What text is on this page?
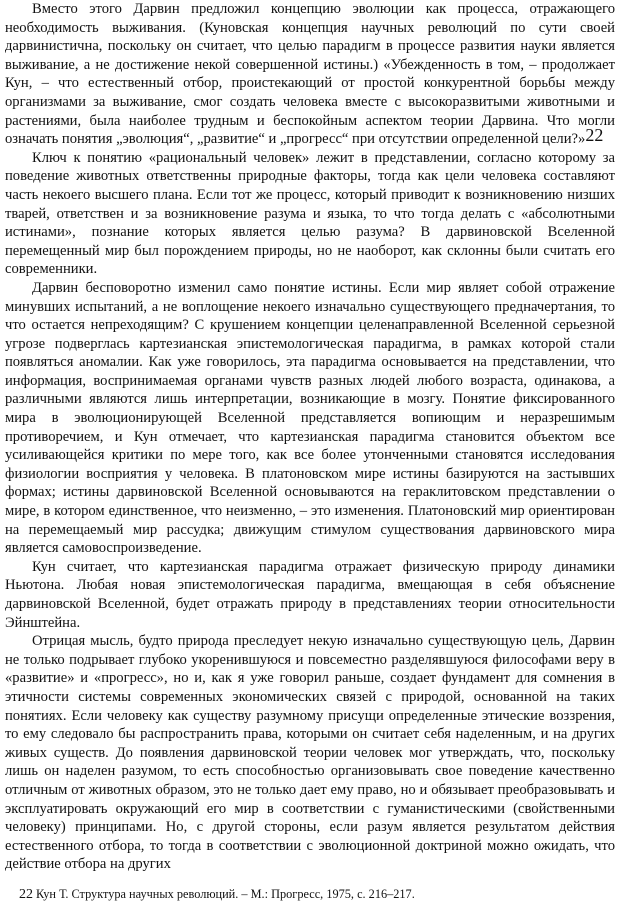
Вместо этого Дарвин предложил концепцию эволюции как процесса, отражающего необходимость выживания. (Куновская концепция научных революций по сути своей дарвинистична, поскольку он считает, что целью парадигм в процессе развития науки является выживание, а не достижение некой совершенной истины.) «Убежденность в том, – продолжает Кун, – что естественный отбор, проистекающий от простой конкурентной борьбы между организмами за выживание, смог создать человека вместе с высокоразвитыми животными и растениями, была наиболее трудным и беспокойным аспектом теории Дарвина. Что могли означать понятия „эволюция“, „развитие“ и „прогресс“ при отсутствии определенной цели?»22

Ключ к понятию «рациональный человек» лежит в представлении, согласно которому за поведение животных ответственны природные факторы, тогда как цели человека составляют часть некоего высшего плана. Если тот же процесс, который приводит к возникновению низших тварей, ответствен и за возникновение разума и языка, то что тогда делать с «абсолютными истинами», познание которых является целью разума? В дарвиновской Вселенной перемещенный мир был порождением природы, но не наоборот, как склонны были считать его современники.

Дарвин бесповоротно изменил само понятие истины. Если мир являет собой отражение минувших испытаний, а не воплощение некоего изначально существующего предначертания, то что остается непреходящим? С крушением концепции целенаправленной Вселенной серьезной угрозе подверглась картезианская эпистемологическая парадигма, в рамках которой стали появляться аномалии. Как уже говорилось, эта парадигма основывается на представлении, что информация, воспринимаемая органами чувств разных людей любого возраста, одинакова, а различными являются лишь интерпретации, возникающие в мозгу. Понятие фиксированного мира в эволюционирующей Вселенной представляется вопиющим и неразрешимым противоречием, и Кун отмечает, что картезианская парадигма становится объектом все усиливающейся критики по мере того, как все более утонченными становятся исследования физиологии восприятия у человека. В платоновском мире истины базируются на застывших формах; истины дарвиновской Вселенной основываются на гераклитовском представлении о мире, в котором единственное, что неизменно, – это изменения. Платоновский мир ориентирован на перемещаемый мир рассудка; движущим стимулом существования дарвиновского мира является самовоспроизведение.

Кун считает, что картезианская парадигма отражает физическую природу динамики Ньютона. Любая новая эпистемологическая парадигма, вмещающая в себя объяснение дарвиновской Вселенной, будет отражать природу в представлениях теории относительности Эйнштейна.

Отрицая мысль, будто природа преследует некую изначально существующую цель, Дарвин не только подрывает глубоко укоренившуюся и повсеместно разделявшуюся философами веру в «развитие» и «прогресс», но и, как я уже говорил раньше, создает фундамент для сомнения в этичности системы современных экономических связей с природой, основанной на таких понятиях. Если человеку как существу разумному присущи определенные этические воззрения, то ему следовало бы распространить права, которыми он считает себя наделенным, и на других живых существ. До появления дарвиновской теории человек мог утверждать, что, поскольку лишь он наделен разумом, то есть способностью организовывать свое поведение качественно отличным от животных образом, это не только дает ему право, но и обязывает преобразовывать и эксплуатировать окружающий его мир в соответствии с гуманистическими (свойственными человеку) принципами. Но, с другой стороны, если разум является результатом действия естественного отбора, то тогда в соответствии с эволюционной доктриной можно ожидать, что действие отбора на других

22 Кун Т. Структура научных революций. – М.: Прогресс, 1975, с. 216–217.
